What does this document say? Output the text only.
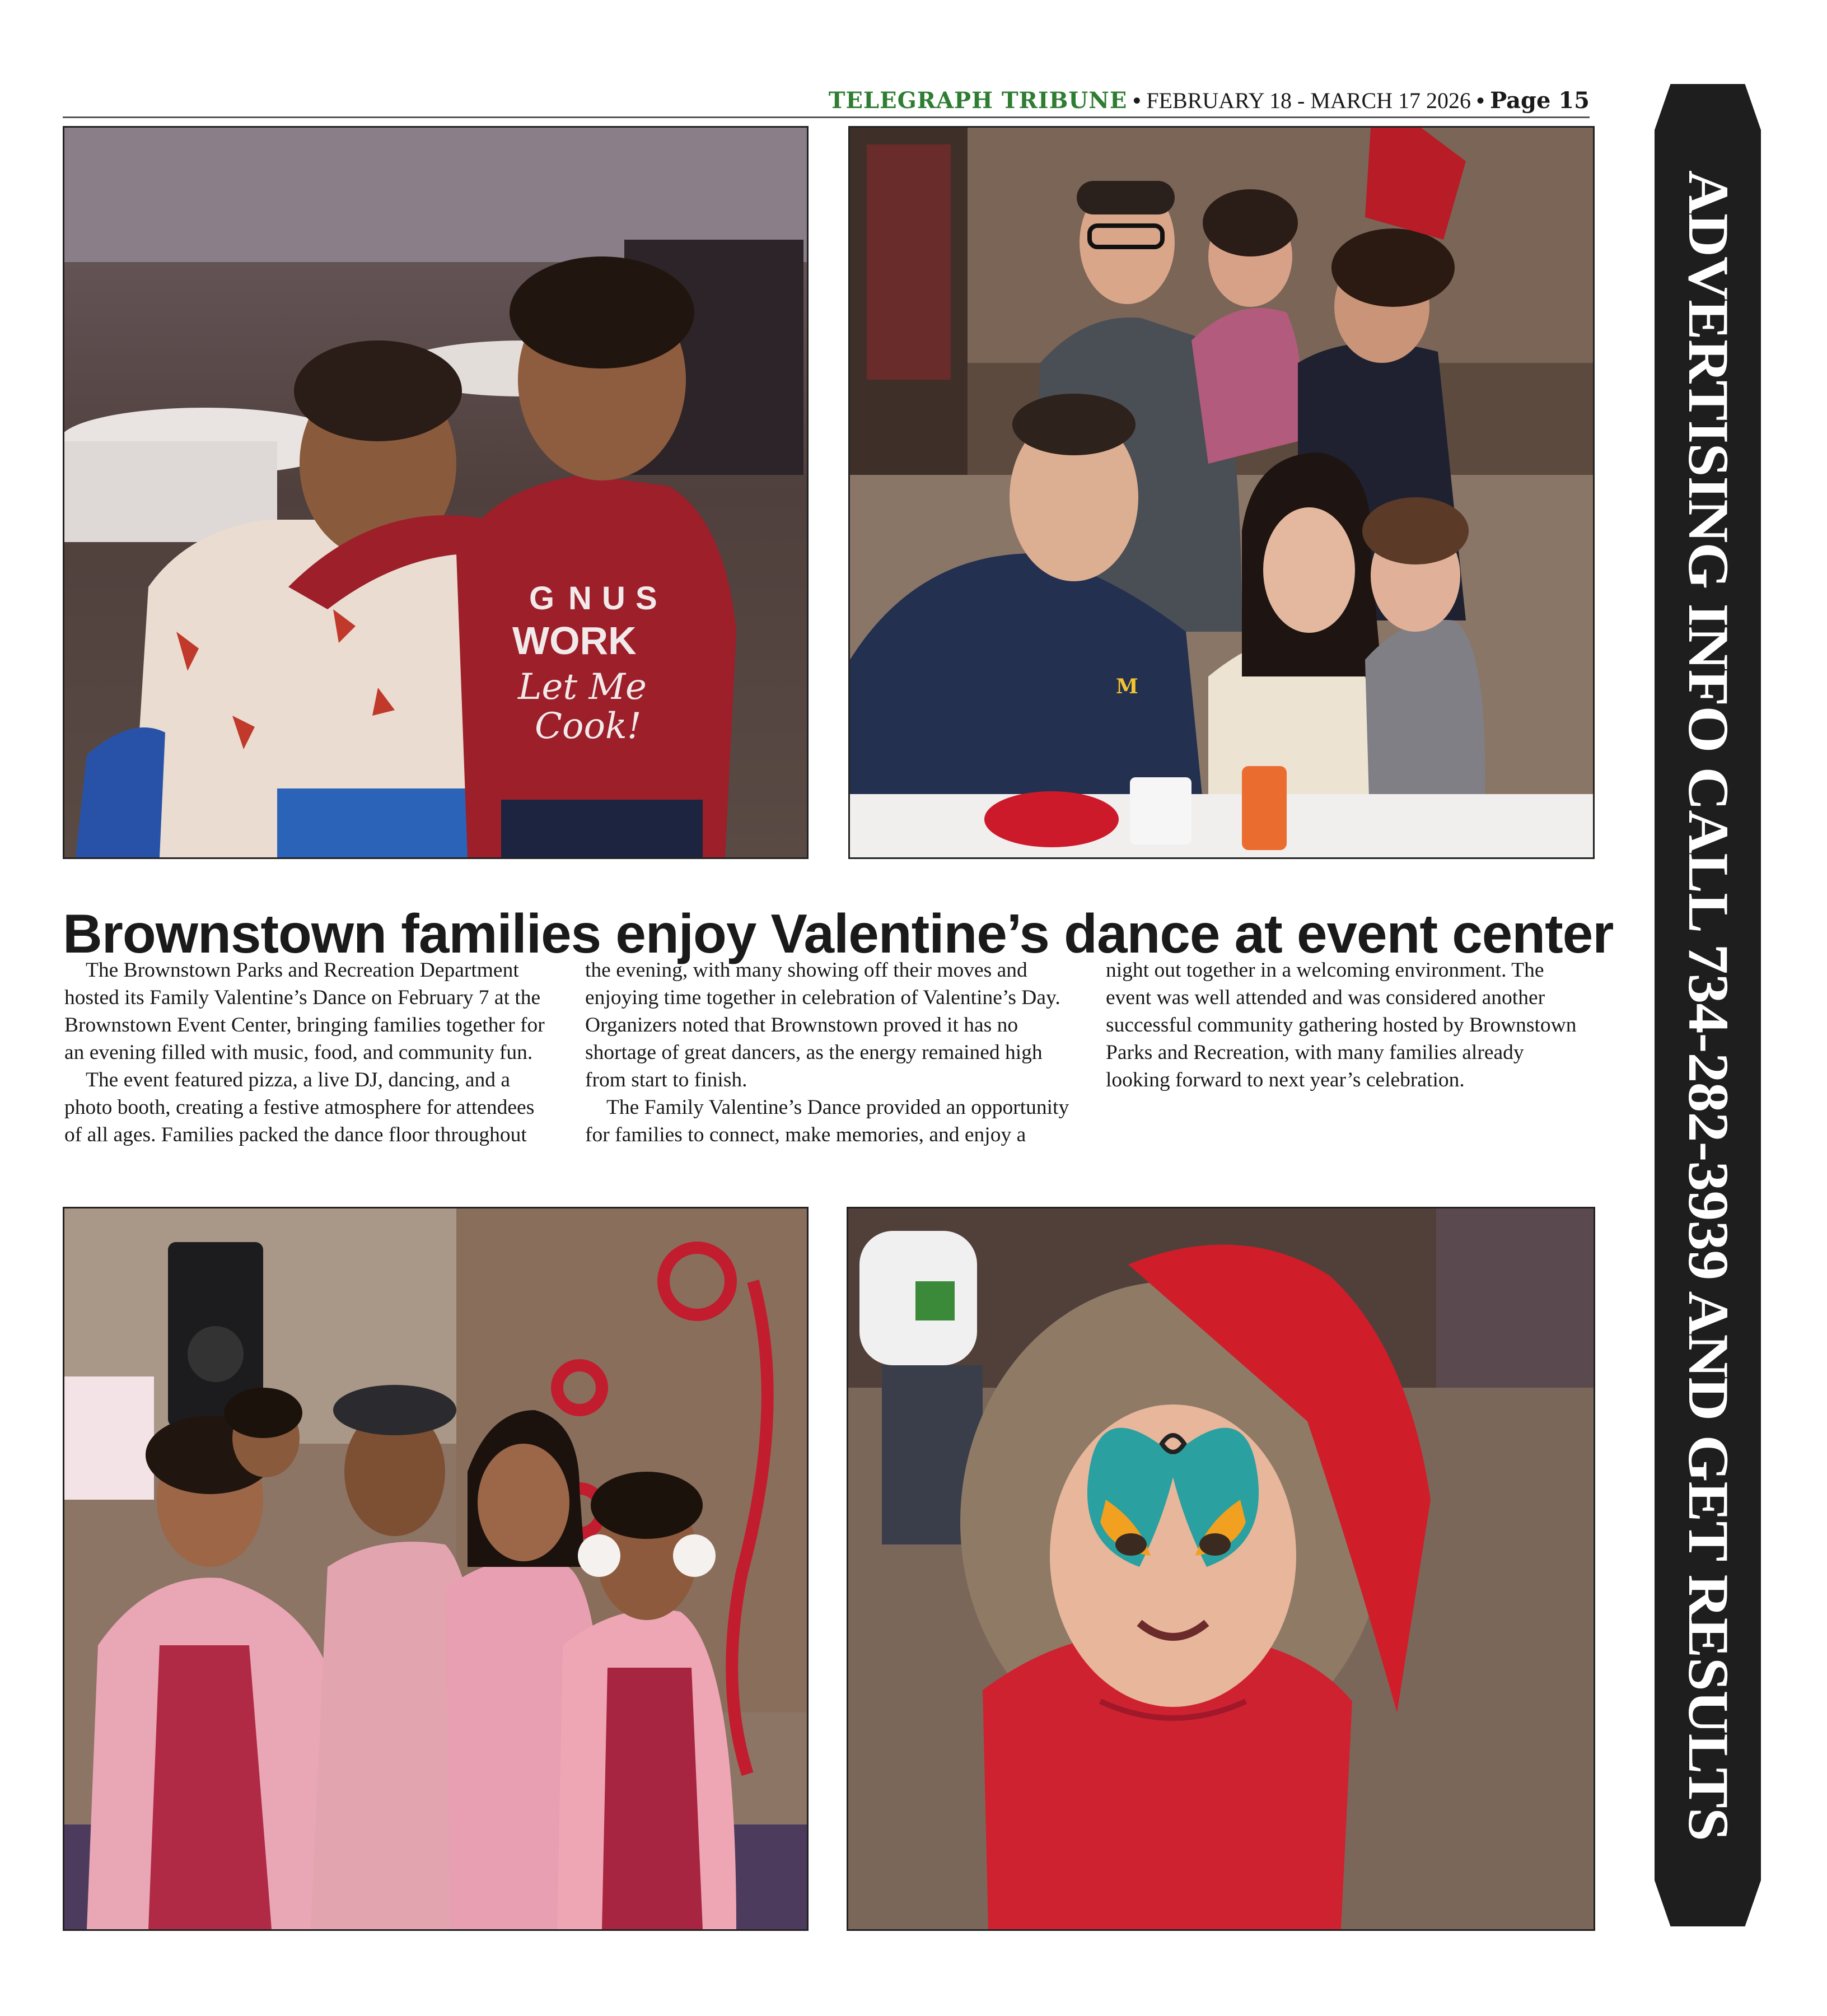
TELEGRAPH TRIBUNE • FEBRUARY 18 - MARCH 17 2026 • Page 15
G N U S
WORK
Let Me
Cook!
M
Brownstown families enjoy Valentine’s dance at event center

The Brownstown Parks and Recreation Department hosted its Family Valentine’s Dance on February 7 at the Brownstown Event Center, bringing families together for an evening filled with music, food, and community fun.

The event featured pizza, a live DJ, dancing, and a photo booth, creating a festive atmosphere for attendees of all ages. Families packed the dance floor throughout the evening, with many showing off their moves and enjoying time together in celebration of Valentine’s Day. Organizers noted that Brownstown proved it has no shortage of great dancers, as the energy remained high from start to finish.

The Family Valentine’s Dance provided an opportunity for families to connect, make memories, and enjoy a night out together in a welcoming environment. The event was well attended and was considered another successful community gathering hosted by Brownstown Parks and Recreation, with many families already looking forward to next year’s celebration.	ADVERTISING INFO CALL 734-282-3939 AND GET RESULTS
